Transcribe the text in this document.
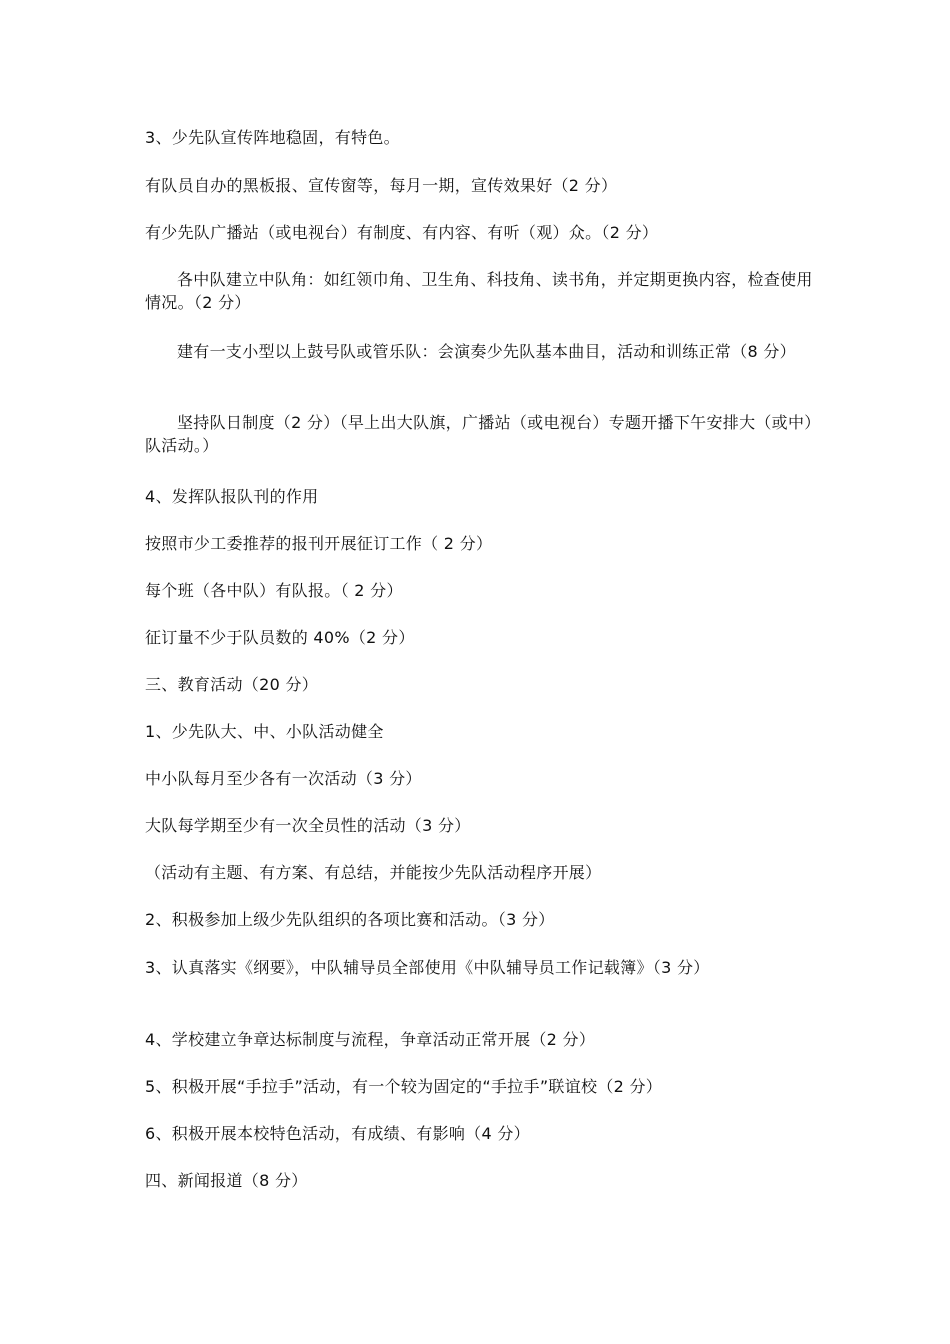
3、少先队宣传阵地稳固，有特色。

有队员自办的黑板报、宣传窗等，每月一期，宣传效果好（2 分）

有少先队广播站（或电视台）有制度、有内容、有听（观）众。（2 分）

各中队建立中队角：如红领巾角、卫生角、科技角、读书角，并定期更换内容，检查使用情况。（2 分）

建有一支小型以上鼓号队或管乐队：会演奏少先队基本曲目，活动和训练正常（8 分）

坚持队日制度（2 分）（早上出大队旗，广播站（或电视台）专题开播下午安排大（或中）队活动。）

4、发挥队报队刊的作用

按照市少工委推荐的报刊开展征订工作（ 2 分）

每个班（各中队）有队报。（ 2 分）

征订量不少于队员数的 40%（2 分）

三、教育活动（20 分）

1、少先队大、中、小队活动健全

中小队每月至少各有一次活动（3 分）

大队每学期至少有一次全员性的活动（3 分）

（活动有主题、有方案、有总结，并能按少先队活动程序开展）

2、积极参加上级少先队组织的各项比赛和活动。（3 分）

3、认真落实《纲要》，中队辅导员全部使用《中队辅导员工作记载簿》（3 分）

4、学校建立争章达标制度与流程，争章活动正常开展（2 分）

5、积极开展“手拉手”活动，有一个较为固定的“手拉手”联谊校（2 分）

6、积极开展本校特色活动，有成绩、有影响（4 分）

四、新闻报道（8 分）
